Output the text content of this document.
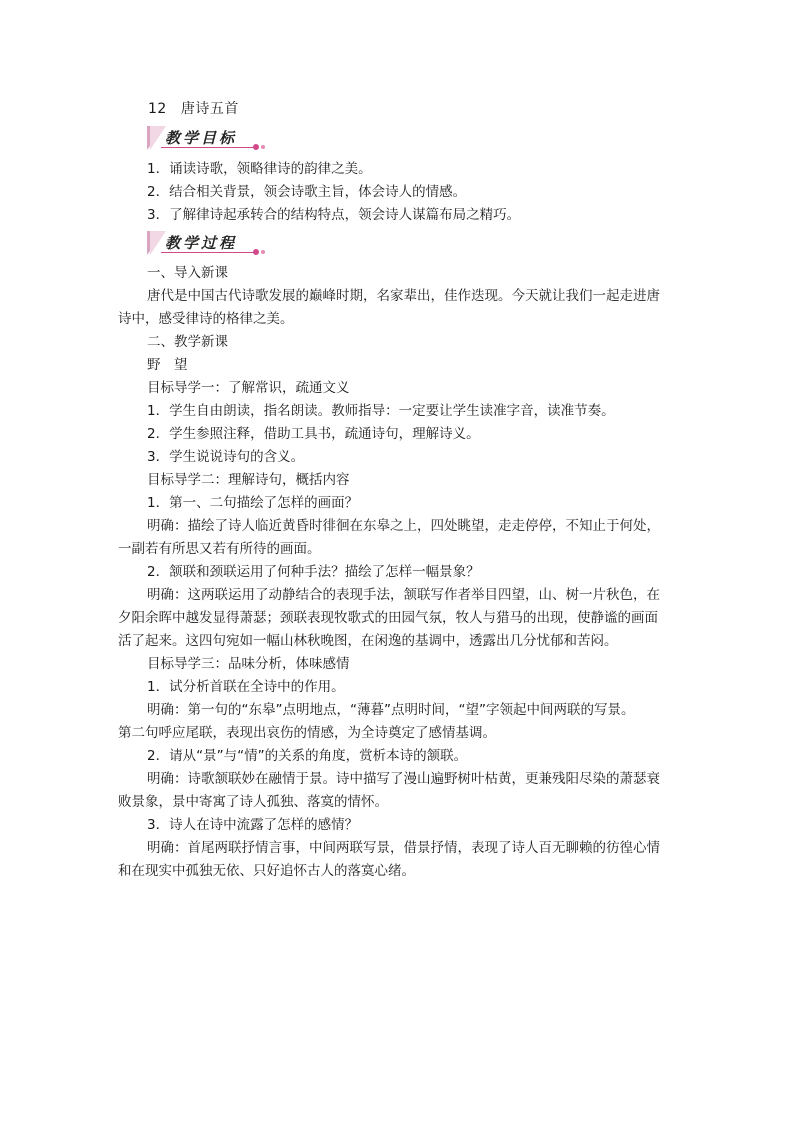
12 唐诗五首
教学目标

1．诵读诗歌，领略律诗的韵律之美。

2．结合相关背景，领会诗歌主旨，体会诗人的情感。

3．了解律诗起承转合的结构特点，领会诗人谋篇布局之精巧。

教学过程

一、导入新课

唐代是中国古代诗歌发展的巅峰时期，名家辈出，佳作迭现。今天就让我们一起走进唐

诗中，感受律诗的格律之美。

二、教学新课

野　望

目标导学一：了解常识，疏通文义

1．学生自由朗读，指名朗读。教师指导：一定要让学生读准字音，读准节奏。

2．学生参照注释，借助工具书，疏通诗句，理解诗义。

3．学生说说诗句的含义。

目标导学二：理解诗句，概括内容

1．第一、二句描绘了怎样的画面？

明确：描绘了诗人临近黄昏时徘徊在东皋之上，四处眺望，走走停停，不知止于何处，

一副若有所思又若有所待的画面。

2．颔联和颈联运用了何种手法？描绘了怎样一幅景象？

明确：这两联运用了动静结合的表现手法，颔联写作者举目四望，山、树一片秋色，在

夕阳余晖中越发显得萧瑟；颈联表现牧歌式的田园气氛，牧人与猎马的出现，使静谧的画面

活了起来。这四句宛如一幅山林秋晚图，在闲逸的基调中，透露出几分忧郁和苦闷。

目标导学三：品味分析，体味感情

1．试分析首联在全诗中的作用。

明确：第一句的“东皋”点明地点，“薄暮”点明时间，“望”字领起中间两联的写景。

第二句呼应尾联，表现出哀伤的情感，为全诗奠定了感情基调。

2．请从“景”与“情”的关系的角度，赏析本诗的颔联。

明确：诗歌颔联妙在融情于景。诗中描写了漫山遍野树叶枯黄，更兼残阳尽染的萧瑟衰

败景象，景中寄寓了诗人孤独、落寞的情怀。

3．诗人在诗中流露了怎样的感情？

明确：首尾两联抒情言事，中间两联写景，借景抒情，表现了诗人百无聊赖的彷徨心情

和在现实中孤独无依、只好追怀古人的落寞心绪。
